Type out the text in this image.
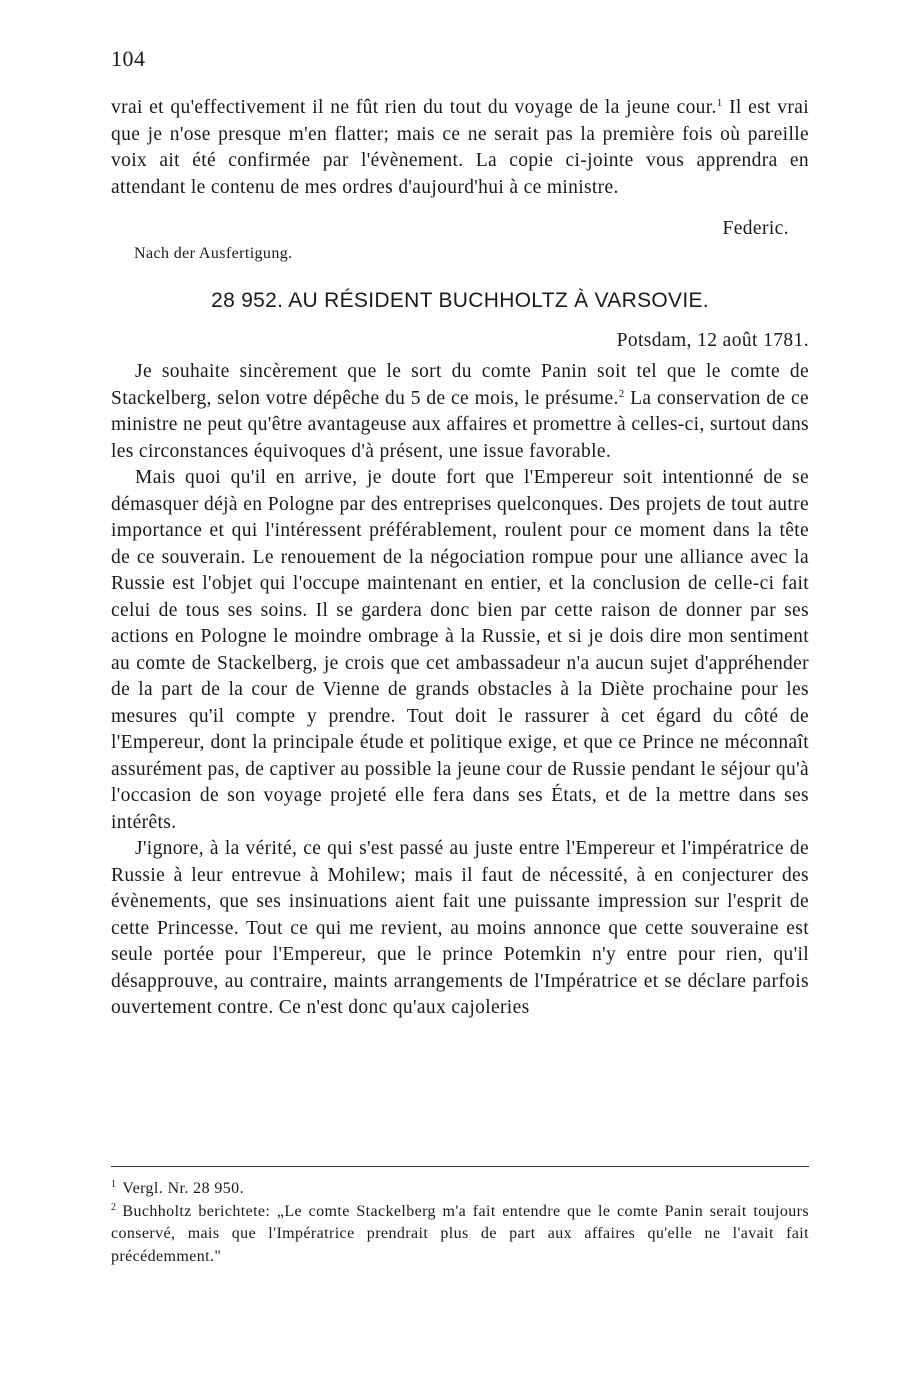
104

vrai et qu'effectivement il ne fût rien du tout du voyage de la jeune cour.$^1$ Il est vrai que je n'ose presque m'en flatter; mais ce ne serait pas la première fois où pareille voix ait été confirmée par l'évènement. La copie ci-jointe vous apprendra en attendant le contenu de mes ordres d'aujourd'hui à ce ministre.

Federic.
Nach der Ausfertigung.
28 952. AU RÉSIDENT BUCHHOLTZ À VARSOVIE.
Potsdam, 12 août 1781.

Je souhaite sincèrement que le sort du comte Panin soit tel que le comte de Stackelberg, selon votre dépêche du 5 de ce mois, le présume.$^2$ La conservation de ce ministre ne peut qu'être avantageuse aux affaires et promettre à celles-ci, surtout dans les circonstances équivoques d'à présent, une issue favorable.

Mais quoi qu'il en arrive, je doute fort que l'Empereur soit intentionné de se démasquer déjà en Pologne par des entreprises quelconques. Des projets de tout autre importance et qui l'intéressent préférablement, roulent pour ce moment dans la tête de ce souverain. Le renouement de la négociation rompue pour une alliance avec la Russie est l'objet qui l'occupe maintenant en entier, et la conclusion de celle-ci fait celui de tous ses soins. Il se gardera donc bien par cette raison de donner par ses actions en Pologne le moindre ombrage à la Russie, et si je dois dire mon sentiment au comte de Stackelberg, je crois que cet ambassadeur n'a aucun sujet d'appréhender de la part de la cour de Vienne de grands obstacles à la Diète prochaine pour les mesures qu'il compte y prendre. Tout doit le rassurer à cet égard du côté de l'Empereur, dont la principale étude et politique exige, et que ce Prince ne méconnaît assurément pas, de captiver au possible la jeune cour de Russie pendant le séjour qu'à l'occasion de son voyage projeté elle fera dans ses États, et de la mettre dans ses intérêts.

J'ignore, à la vérité, ce qui s'est passé au juste entre l'Empereur et l'impératrice de Russie à leur entrevue à Mohilew; mais il faut de nécessité, à en conjecturer des évènements, que ses insinuations aient fait une puissante impression sur l'esprit de cette Princesse. Tout ce qui me revient, au moins annonce que cette souveraine est seule portée pour l'Empereur, que le prince Potemkin n'y entre pour rien, qu'il désapprouve, au contraire, maints arrangements de l'Impératrice et se déclare parfois ouvertement contre. Ce n'est donc qu'aux cajoleries

$^1$ Vergl. Nr. 28 950.

$^2$ Buchholtz berichtete: „Le comte Stackelberg m'a fait entendre que le comte Panin serait toujours conservé, mais que l'Impératrice prendrait plus de part aux affaires qu'elle ne l'avait fait précédemment."
